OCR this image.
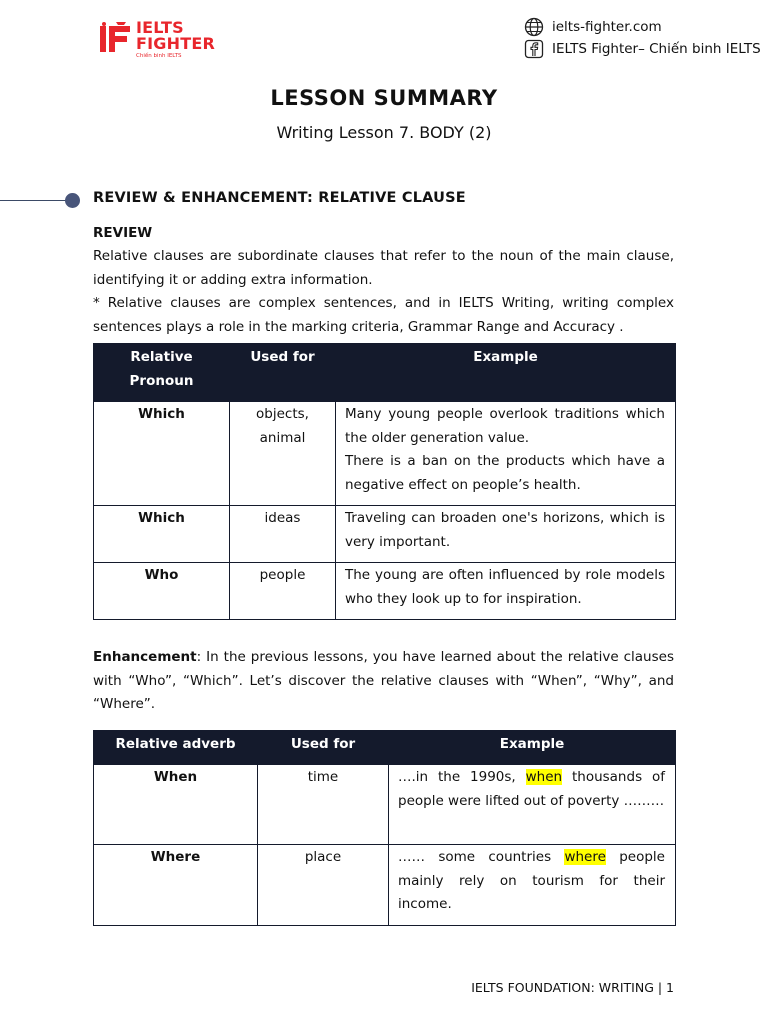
IELTS
FIGHTER
Chiến binh IELTS
ielts-fighter.com
IELTS Fighter– Chiến binh IELTS
LESSON SUMMARY
Writing Lesson 7. BODY (2)
REVIEW & ENHANCEMENT: RELATIVE CLAUSE
REVIEW
Relative clauses are subordinate clauses that refer to the noun of the main clause, identifying it or adding extra information.
* Relative clauses are complex sentences, and in IELTS Writing, writing complex sentences plays a role in the marking criteria, Grammar Range and Accuracy .
Relative Pronoun	Used for	Example
Which	objects, animal	Many young people overlook traditions which the older generation value.
There is a ban on the products which have a negative effect on people’s health.

Which	ideas	Traveling can broaden one's horizons, which is very important.

Who	people	The young are often influenced by role models who they look up to for inspiration.
Enhancement: In the previous lessons, you have learned about the relative clauses with “Who”, “Which”. Let’s discover the relative clauses with “When”, “Why”, and “Where”.
Relative adverb	Used for	Example
When	time	….in the 1990s, when thousands of people were lifted out of poverty ………
Where	place	…… some countries where people mainly rely on tourism for their income.
IELTS FOUNDATION: WRITING | 1
